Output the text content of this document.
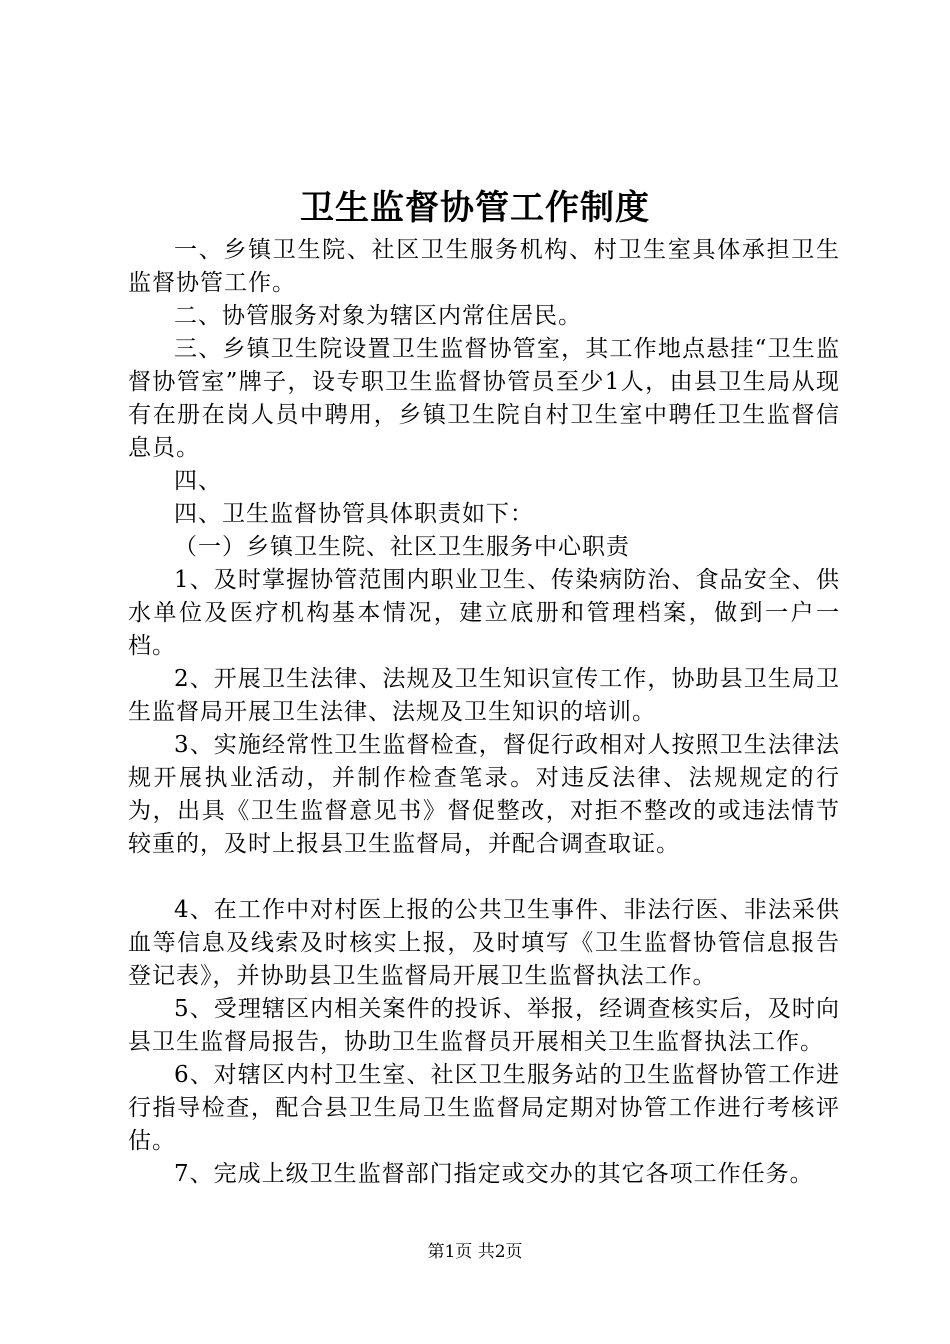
卫生监督协管工作制度

一、乡镇卫生院、社区卫生服务机构、村卫生室具体承担卫生监督协管工作。

二、协管服务对象为辖区内常住居民。

三、乡镇卫生院设置卫生监督协管室，其工作地点悬挂“卫生监督协管室”牌子，设专职卫生监督协管员至少1人，由县卫生局从现有在册在岗人员中聘用，乡镇卫生院自村卫生室中聘任卫生监督信息员。

四、

四、卫生监督协管具体职责如下：

（一）乡镇卫生院、社区卫生服务中心职责

1、及时掌握协管范围内职业卫生、传染病防治、食品安全、供水单位及医疗机构基本情况，建立底册和管理档案，做到一户一档。

2、开展卫生法律、法规及卫生知识宣传工作，协助县卫生局卫生监督局开展卫生法律、法规及卫生知识的培训。

3、实施经常性卫生监督检查，督促行政相对人按照卫生法律法规开展执业活动，并制作检查笔录。对违反法律、法规规定的行为，出具《卫生监督意见书》督促整改，对拒不整改的或违法情节较重的，及时上报县卫生监督局，并配合调查取证。

4、在工作中对村医上报的公共卫生事件、非法行医、非法采供血等信息及线索及时核实上报，及时填写《卫生监督协管信息报告登记表》，并协助县卫生监督局开展卫生监督执法工作。

5、受理辖区内相关案件的投诉、举报，经调查核实后，及时向县卫生监督局报告，协助卫生监督员开展相关卫生监督执法工作。

6、对辖区内村卫生室、社区卫生服务站的卫生监督协管工作进行指导检查，配合县卫生局卫生监督局定期对协管工作进行考核评估。

7、完成上级卫生监督部门指定或交办的其它各项工作任务。

第1页 共2页
